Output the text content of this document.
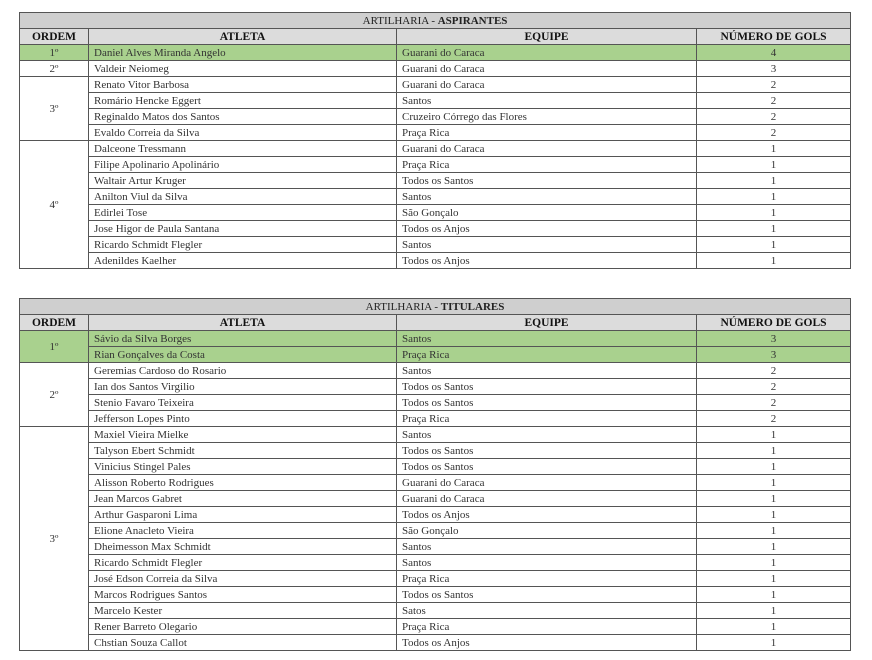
ARTILHARIA - ASPIRANTES			
ORDEM	ATLETA	EQUIPE	NÚMERO DE GOLS
1º	Daniel Alves Miranda Angelo	Guarani do Caraca	4
2º	Valdeir Neiomeg	Guarani do Caraca	3
3º	Renato Vitor Barbosa	Guarani do Caraca	2
	Romário Hencke Eggert	Santos	2
	Reginaldo Matos dos Santos	Cruzeiro Córrego das Flores	2
	Evaldo Correia da Silva	Praça Rica	2
4º	Dalceone Tressmann	Guarani do Caraca	1
	Filipe Apolinario Apolinário	Praça Rica	1
	Waltair Artur Kruger	Todos os Santos	1
	Anilton Viul da Silva	Santos	1
	Edirlei Tose	São Gonçalo	1
	Jose Higor de Paula Santana	Todos os Anjos	1
	Ricardo Schmidt Flegler	Santos	1
	Adenildes Kaelher	Todos os Anjos	1
ARTILHARIA - TITULARES			
ORDEM	ATLETA	EQUIPE	NÚMERO DE GOLS
1º	Sávio da Silva Borges	Santos	3
	Rian Gonçalves da Costa	Praça Rica	3
2º	Geremias Cardoso do Rosario	Santos	2
	Ian dos Santos Virgilio	Todos os Santos	2
	Stenio Favaro Teixeira	Todos os Santos	2
	Jefferson Lopes Pinto	Praça Rica	2
3º	Maxiel Vieira Mielke	Santos	1
	Talyson Ebert Schmidt	Todos os Santos	1
	Vinicius Stingel Pales	Todos os Santos	1
	Alisson Roberto Rodrigues	Guarani do Caraca	1
	Jean Marcos Gabret	Guarani do Caraca	1
	Arthur Gasparoni Lima	Todos os Anjos	1
	Elione Anacleto Vieira	São Gonçalo	1
	Dheimesson Max Schmidt	Santos	1
	Ricardo Schmidt Flegler	Santos	1
	José Edson Correia da Silva	Praça Rica	1
	Marcos Rodrigues Santos	Todos os Santos	1
	Marcelo Kester	Satos	1
	Rener Barreto Olegario	Praça Rica	1
	Chstian Souza Callot	Todos os Anjos	1
